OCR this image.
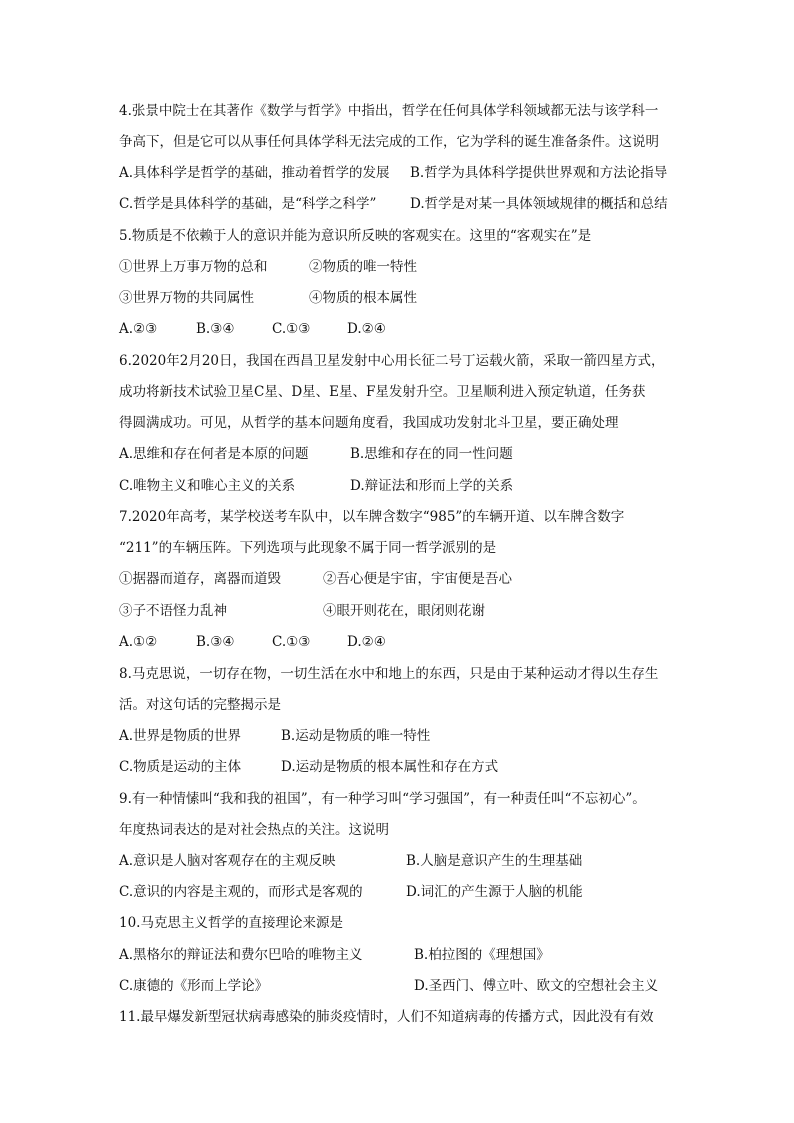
4.张景中院士在其著作《数学与哲学》中指出，哲学在任何具体学科领域都无法与该学科一
争高下，但是它可以从事任何具体学科无法完成的工作，它为学科的诞生准备条件。这说明
A.具体科学是哲学的基础，推动着哲学的发展 B.哲学为具体科学提供世界观和方法论指导
C.哲学是具体科学的基础，是“科学之科学” D.哲学是对某一具体领域规律的概括和总结
5.物质是不依赖于人的意识并能为意识所反映的客观实在。这里的“客观实在”是
①世界上万事万物的总和	②物质的唯一特性
③世界万物的共同属性	④物质的根本属性
A.②③	B.③④	C.①③	D.②④
6.2020年2月20日，我国在西昌卫星发射中心用长征二号丁运载火箭，采取一箭四星方式，
成功将新技术试验卫星C星、D星、E星、F星发射升空。卫星顺利进入预定轨道，任务获
得圆满成功。可见，从哲学的基本问题角度看，我国成功发射北斗卫星，要正确处理
A.思维和存在何者是本原的问题	B.思维和存在的同一性问题
C.唯物主义和唯心主义的关系	D.辩证法和形而上学的关系
7.2020年高考，某学校送考车队中，以车牌含数字“985”的车辆开道、以车牌含数字
“211”的车辆压阵。下列选项与此现象不属于同一哲学派别的是
①据器而道存，离器而道毁	②吾心便是宇宙，宇宙便是吾心
③子不语怪力乱神	④眼开则花在，眼闭则花谢
A.①②	B.③④	C.①③	D.②④
8.马克思说，一切存在物，一切生活在水中和地上的东西，只是由于某种运动才得以生存生
活。对这句话的完整揭示是
A.世界是物质的世界	B.运动是物质的唯一特性
C.物质是运动的主体	D.运动是物质的根本属性和存在方式
9.有一种情愫叫“我和我的祖国”，有一种学习叫“学习强国”，有一种责任叫“不忘初心”。
年度热词表达的是对社会热点的关注。这说明
A.意识是人脑对客观存在的主观反映	B.人脑是意识产生的生理基础
C.意识的内容是主观的，而形式是客观的	D.词汇的产生源于人脑的机能
10.马克思主义哲学的直接理论来源是
A.黑格尔的辩证法和费尔巴哈的唯物主义	B.柏拉图的《理想国》
C.康德的《形而上学论》	D.圣西门、傅立叶、欧文的空想社会主义
11.最早爆发新型冠状病毒感染的肺炎疫情时，人们不知道病毒的传播方式，因此没有有效
